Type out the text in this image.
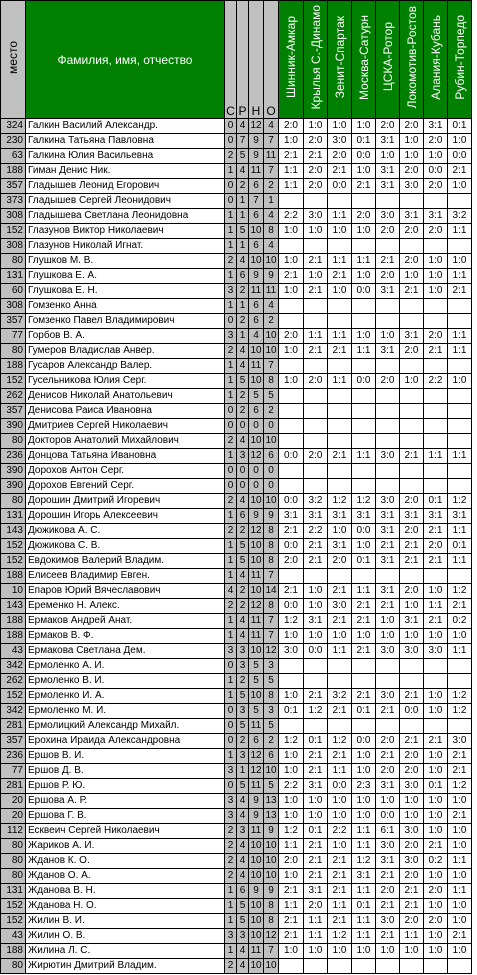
место	Фамилия, имя, отчество	С	Р	Н	О	Шинник-Амкар	Крылья С.-Динамо	Зенит-Спартак	Москва-Сатурн	ЦСКА-Ротор	Локомотив-Ростов	Алания-Кубань	Рубин-Торпедо
324	Галкин Василий Александр.	0	4	12	4	2:0	1:0	1:0	1:0	2:0	2:0	3:1	0:1
230	Галкина Татьяна Павловна	0	7	9	7	1:0	2:0	3:0	0:1	3:1	1:0	2:0	1:0
63	Галкина Юлия Васильевна	2	5	9	11	2:1	2:1	2:0	0:0	1:0	1:0	1:0	0:0
188	Гиман Денис Ник.	1	4	11	7	1:1	2:0	2:1	1:0	3:1	2:0	0:0	2:1
357	Гладышев Леонид Егорович	0	2	6	2	1:1	2:0	0:0	2:1	3:1	3:0	2:0	1:0
373	Гладышев Сергей Леонидович	0	1	7	1								
308	Гладышева Светлана Леонидовна	1	1	6	4	2:2	3:0	1:1	2:0	3:0	3:1	3:1	3:2
152	Глазунов Виктор Николаевич	1	5	10	8	1:0	1:0	1:0	1:0	2:0	2:0	2:0	1:1
308	Глазунов Николай Игнат.	1	1	6	4								
80	Глушков М. В.	2	4	10	10	1:0	2:1	1:1	1:1	2:1	2:0	1:0	1:0
131	Глушкова Е. А.	1	6	9	9	2:1	1:0	2:1	1:0	2:0	1:0	1:0	1:1
60	Глушкова Е. Н.	3	2	11	11	1:0	2:1	1:0	0:0	3:1	2:1	1:0	2:1
308	Гомзенко Анна	1	1	6	4								
357	Гомзенко Павел Владимирович	0	2	6	2								
77	Горбов В. А.	3	1	4	10	2:0	1:1	1:1	1:0	1:0	3:1	2:0	1:1
80	Гумеров Владислав Анвер.	2	4	10	10	1:0	2:1	2:1	1:1	3:1	2:0	2:1	1:1
188	Гусаров Александр Валер.	1	4	11	7								
152	Гусельникова Юлия Серг.	1	5	10	8	1:0	2:0	1:1	0:0	2:0	1:0	2:2	1:0
262	Денисов Николай Анатольевич	1	2	5	5								
357	Денисова Раиса Ивановна	0	2	6	2								
390	Дмитриев Сергей Николаевич	0	0	0	0								
80	Докторов Анатолий Михайлович	2	4	10	10								
236	Донцова Татьяна Ивановна	1	3	12	6	0:0	2:0	2:1	1:1	3:0	2:1	1:1	1:1
390	Дорохов Антон Серг.	0	0	0	0								
390	Дорохов Евгений Серг.	0	0	0	0								
80	Дорошин Дмитрий Игоревич	2	4	10	10	0:0	3:2	1:2	1:2	3:0	2:0	0:1	1:2
131	Дорошин Игорь Алексеевич	1	6	9	9	3:1	3:1	3:1	3:1	3:1	3:1	3:1	3:1
143	Дюжикова А. С.	2	2	12	8	2:1	2:2	1:0	0:0	3:1	2:0	2:1	1:1
152	Дюжикова С. В.	1	5	10	8	0:0	2:1	3:1	1:0	2:1	2:1	2:0	0:1
152	Евдокимов Валерий Владим.	1	5	10	8	2:0	2:1	2:0	0:1	3:1	2:1	2:1	1:1
188	Елисеев Владимир Евген.	1	4	11	7								
10	Епаров Юрий Вячеславович	4	2	10	14	2:1	1:0	2:1	1:1	3:1	2:0	1:0	1:2
143	Еременко Н. Алекс.	2	2	12	8	0:0	1:0	3:0	2:1	2:1	1:0	1:1	2:1
188	Ермаков Андрей Анат.	1	4	11	7	1:2	3:1	2:1	2:1	1:0	3:1	2:1	0:2
188	Ермаков В. Ф.	1	4	11	7	1:0	1:0	1:0	1:0	1:0	1:0	1:0	1:0
43	Ермакова Светлана Дем.	3	3	10	12	3:0	0:0	1:1	2:1	3:0	3:0	3:0	1:1
342	Ермоленко А. И.	0	3	5	3								
262	Ермоленко В. И.	1	2	5	5								
152	Ермоленко И. А.	1	5	10	8	1:0	2:1	3:2	2:1	3:0	2:1	1:0	1:2
342	Ермоленко М. И.	0	3	5	3	0:1	1:2	2:1	0:1	2:1	0:0	1:0	1:2
281	Ермолицкий Александр Михайл.	0	5	11	5								
357	Ерохина Ираида Александровна	0	2	6	2	1:2	0:1	1:2	0:0	2:0	2:1	2:1	3:0
236	Ершов В. И.	1	3	12	6	1:0	2:1	2:1	1:0	2:1	2:0	1:0	2:1
77	Ершов Д. В.	3	1	12	10	1:0	2:1	1:1	1:0	2:0	2:0	1:0	2:1
281	Ершов Р. Ю.	0	5	11	5	2:2	3:1	0:0	2:3	3:1	3:0	0:1	1:2
20	Ершова А. Р.	3	4	9	13	1:0	1:0	1:0	1:0	1:0	1:0	1:0	1:0
20	Ершова Г. В.	3	4	9	13	1:0	1:0	1:0	1:0	0:0	1:0	1:0	2:1
112	Есквеич Сергей Николаевич	2	3	11	9	1:2	0:1	2:2	1:1	6:1	3:0	1:0	1:0
80	Жариков А. И.	2	4	10	10	1:1	2:1	1:0	1:1	3:0	2:0	2:1	1:0
80	Жданов К. О.	2	4	10	10	2:0	2:1	2:1	1:2	3:1	3:0	0:2	1:1
80	Жданов О. А.	2	4	10	10	1:0	2:1	2:1	3:1	2:1	2:0	1:0	1:0
131	Жданова В. Н.	1	6	9	9	2:1	3:1	2:1	1:1	2:0	2:1	2:0	1:1
152	Жданова Н. О.	1	5	10	8	1:1	2:0	1:1	0:1	2:1	2:1	1:0	1:0
152	Жилин В. И.	1	5	10	8	2:1	1:1	2:1	1:1	3:0	2:0	2:0	1:0
43	Жилин О. В.	3	3	10	12	2:1	1:1	1:2	1:1	2:1	1:1	1:0	2:1
188	Жилина Л. С.	1	4	11	7	1:0	1:0	1:0	1:0	1:0	1:0	1:0	1:0
80	Жирютин Дмитрий Владим.	2	4	10	10								
